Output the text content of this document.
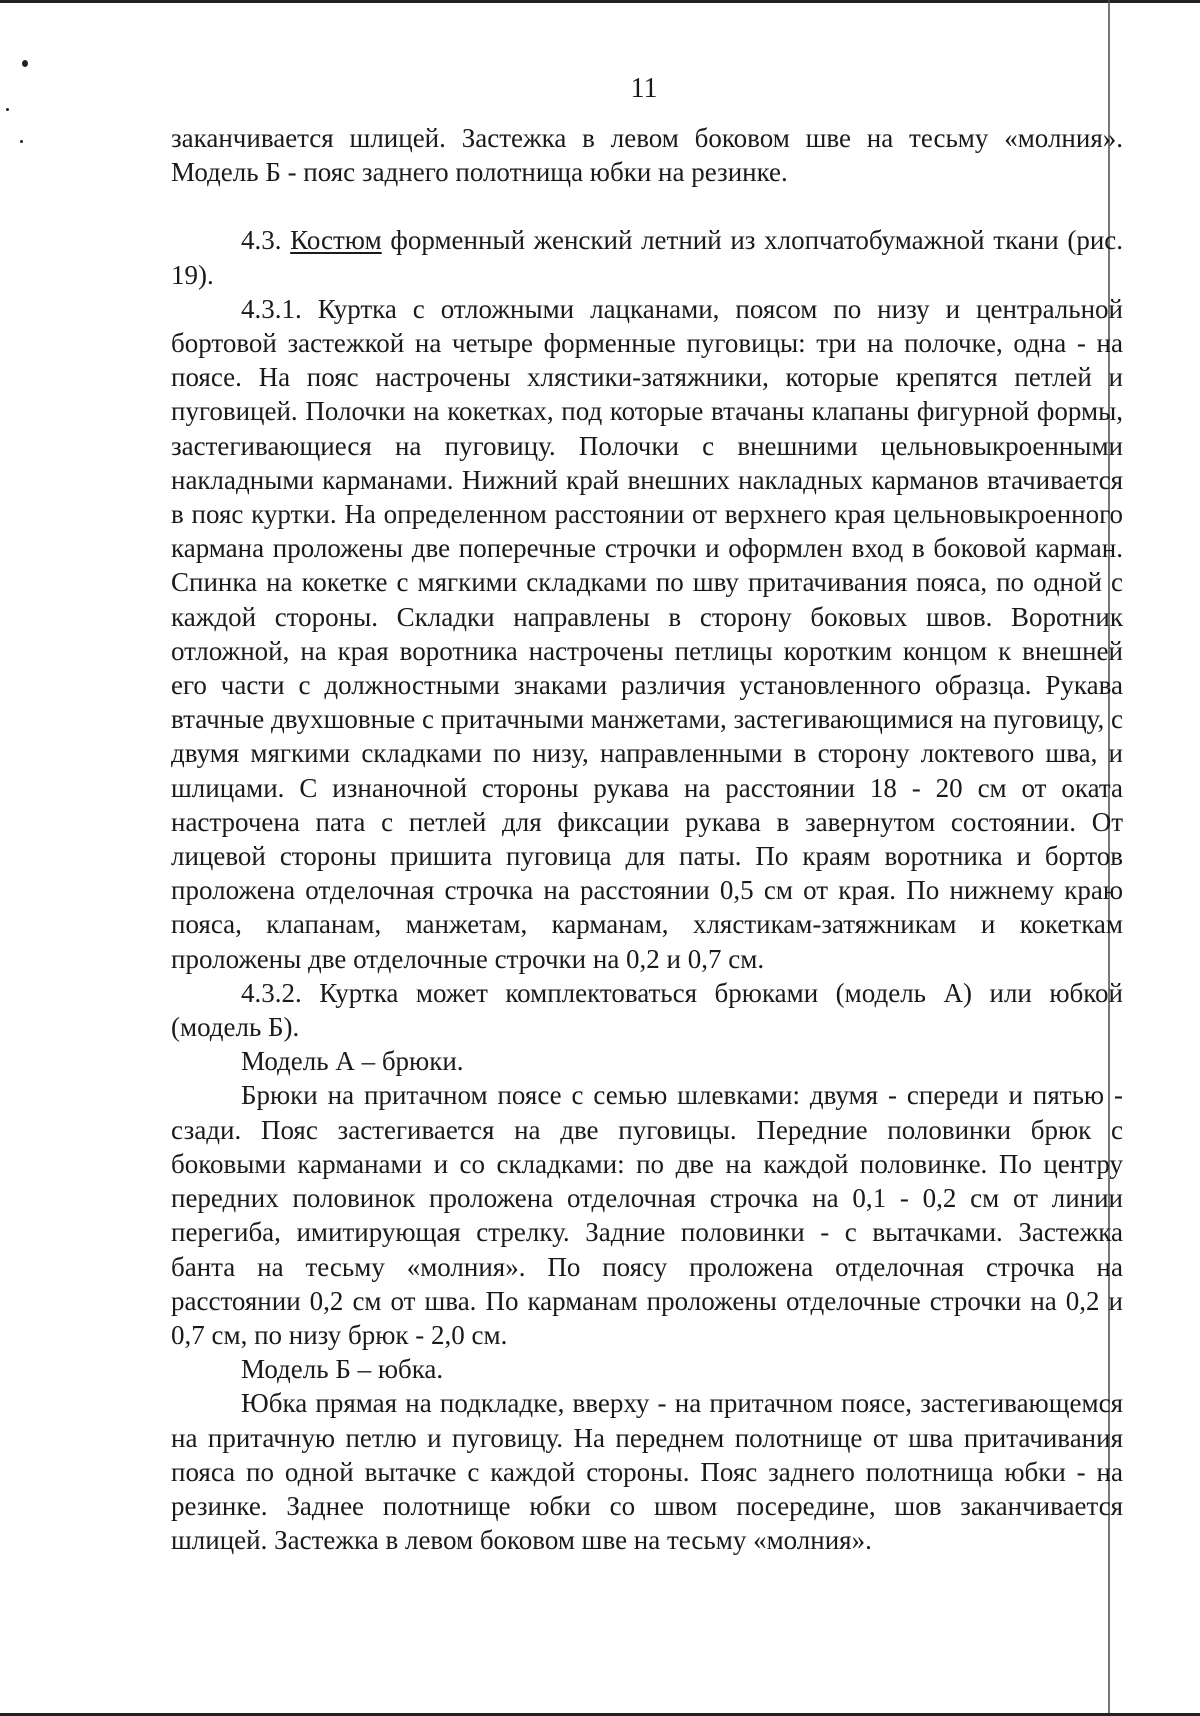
11

заканчивается шлицей. Застежка в левом боковом шве на тесьму «молния». Модель Б - пояс заднего полотнища юбки на резинке.

4.3. Костюм форменный женский летний из хлопчатобумажной ткани (рис. 19).

4.3.1. Куртка с отложными лацканами, поясом по низу и центральной бортовой застежкой на четыре форменные пуговицы: три на полочке, одна - на поясе. На пояс настрочены хлястики-затяжники, которые крепятся петлей и пуговицей. Полочки на кокетках, под которые втачаны клапаны фигурной формы, застегивающиеся на пуговицу. Полочки с внешними цельновыкроенными накладными карманами. Нижний край внешних накладных карманов втачивается в пояс куртки. На определенном расстоянии от верхнего края цельновыкроенного кармана проложены две поперечные строчки и оформлен вход в боковой карман. Спинка на кокетке с мягкими складками по шву притачивания пояса, по одной с каждой стороны. Складки направлены в сторону боковых швов. Воротник отложной, на края воротника настрочены петлицы коротким концом к внешней его части с должностными знаками различия установленного образца. Рукава втачные двухшовные с притачными манжетами, застегивающимися на пуговицу, с двумя мягкими складками по низу, направленными в сторону локтевого шва, и шлицами. С изнаночной стороны рукава на расстоянии 18 - 20 см от оката настрочена пата с петлей для фиксации рукава в завернутом состоянии. От лицевой стороны пришита пуговица для паты. По краям воротника и бортов проложена отделочная строчка на расстоянии 0,5 см от края. По нижнему краю пояса, клапанам, манжетам, карманам, хлястикам-затяжникам и кокеткам проложены две отделочные строчки на 0,2 и 0,7 см.

4.3.2. Куртка может комплектоваться брюками (модель А) или юбкой (модель Б).

Модель А – брюки.

Брюки на притачном поясе с семью шлевками: двумя - спереди и пятью - сзади. Пояс застегивается на две пуговицы. Передние половинки брюк с боковыми карманами и со складками: по две на каждой половинке. По центру передних половинок проложена отделочная строчка на 0,1 - 0,2 см от линии перегиба, имитирующая стрелку. Задние половинки - с вытачками. Застежка банта на тесьму «молния». По поясу проложена отделочная строчка на расстоянии 0,2 см от шва. По карманам проложены отделочные строчки на 0,2 и 0,7 см, по низу брюк - 2,0 см.

Модель Б – юбка.

Юбка прямая на подкладке, вверху - на притачном поясе, застегивающемся на притачную петлю и пуговицу. На переднем полотнище от шва притачивания пояса по одной вытачке с каждой стороны. Пояс заднего полотнища юбки - на резинке. Заднее полотнище юбки со швом посередине, шов заканчивается шлицей. Застежка в левом боковом шве на тесьму «молния».
